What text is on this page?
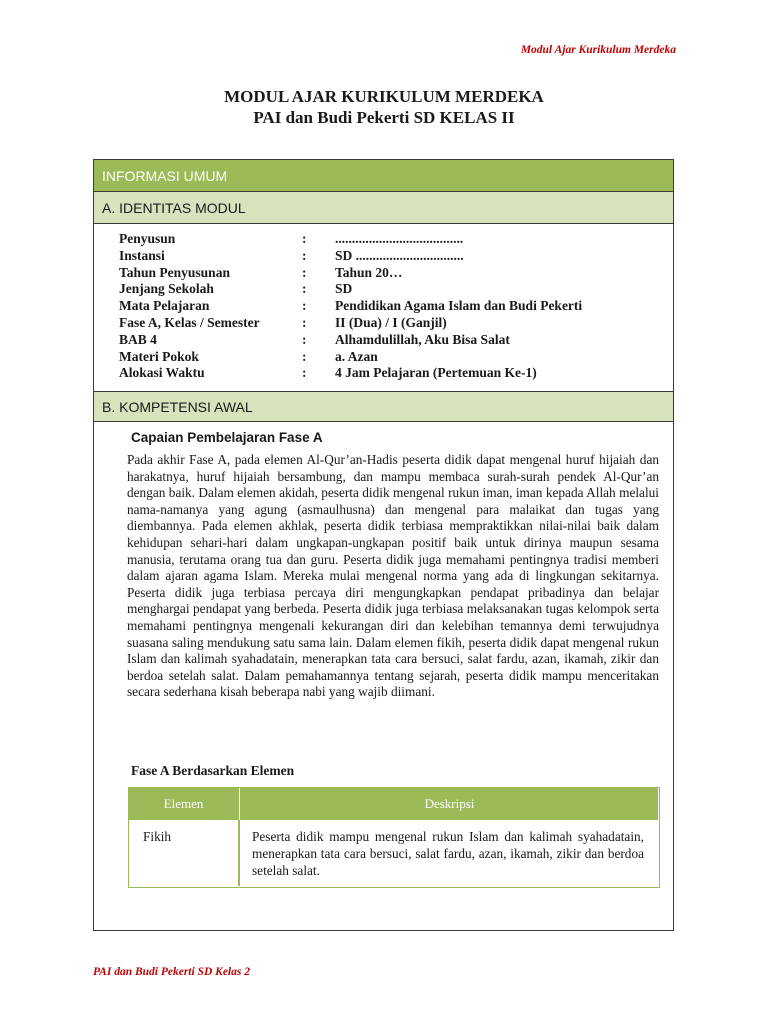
Modul Ajar Kurikulum Merdeka
MODUL AJAR KURIKULUM MERDEKA
PAI dan Budi Pekerti SD KELAS II
INFORMASI UMUM
A. IDENTITAS MODUL
Penyusun	: ......................................
Instansi	: SD ................................
Tahun Penyusunan	: Tahun 20…
Jenjang Sekolah	: SD
Mata Pelajaran	: Pendidikan Agama Islam dan Budi Pekerti
Fase A, Kelas / Semester	: II (Dua) / I (Ganjil)
BAB 4	: Alhamdulillah, Aku Bisa Salat
Materi Pokok	: a. Azan
Alokasi Waktu	: 4 Jam Pelajaran (Pertemuan Ke-1)
B. KOMPETENSI AWAL
Capaian Pembelajaran Fase A
Pada akhir Fase A, pada elemen Al-Qur’an-Hadis peserta didik dapat mengenal huruf hijaiah dan harakatnya, huruf hijaiah bersambung, dan mampu membaca surah-surah pendek Al-Qur’an dengan baik. Dalam elemen akidah, peserta didik mengenal rukun iman, iman kepada Allah melalui nama-namanya yang agung (asmaulhusna) dan mengenal para malaikat dan tugas yang diembannya. Pada elemen akhlak, peserta didik terbiasa mempraktikkan nilai-nilai baik dalam kehidupan sehari-hari dalam ungkapan-ungkapan positif baik untuk dirinya maupun sesama manusia, terutama orang tua dan guru. Peserta didik juga memahami pentingnya tradisi memberi dalam ajaran agama Islam. Mereka mulai mengenal norma yang ada di lingkungan sekitarnya. Peserta didik juga terbiasa percaya diri mengungkapkan pendapat pribadinya dan belajar menghargai pendapat yang berbeda. Peserta didik juga terbiasa melaksanakan tugas kelompok serta memahami pentingnya mengenali kekurangan diri dan kelebihan temannya demi terwujudnya suasana saling mendukung satu sama lain. Dalam elemen fikih, peserta didik dapat mengenal rukun Islam dan kalimah syahadatain, menerapkan tata cara bersuci, salat fardu, azan, ikamah, zikir dan berdoa setelah salat. Dalam pemahamannya tentang sejarah, peserta didik mampu menceritakan secara sederhana kisah beberapa nabi yang wajib diimani.
Fase A Berdasarkan Elemen
Elemen	Deskripsi
Fikih	Peserta didik mampu mengenal rukun Islam dan kalimah syahadatain, menerapkan tata cara bersuci, salat fardu, azan, ikamah, zikir dan berdoa setelah salat.
PAI dan Budi Pekerti SD Kelas 2
